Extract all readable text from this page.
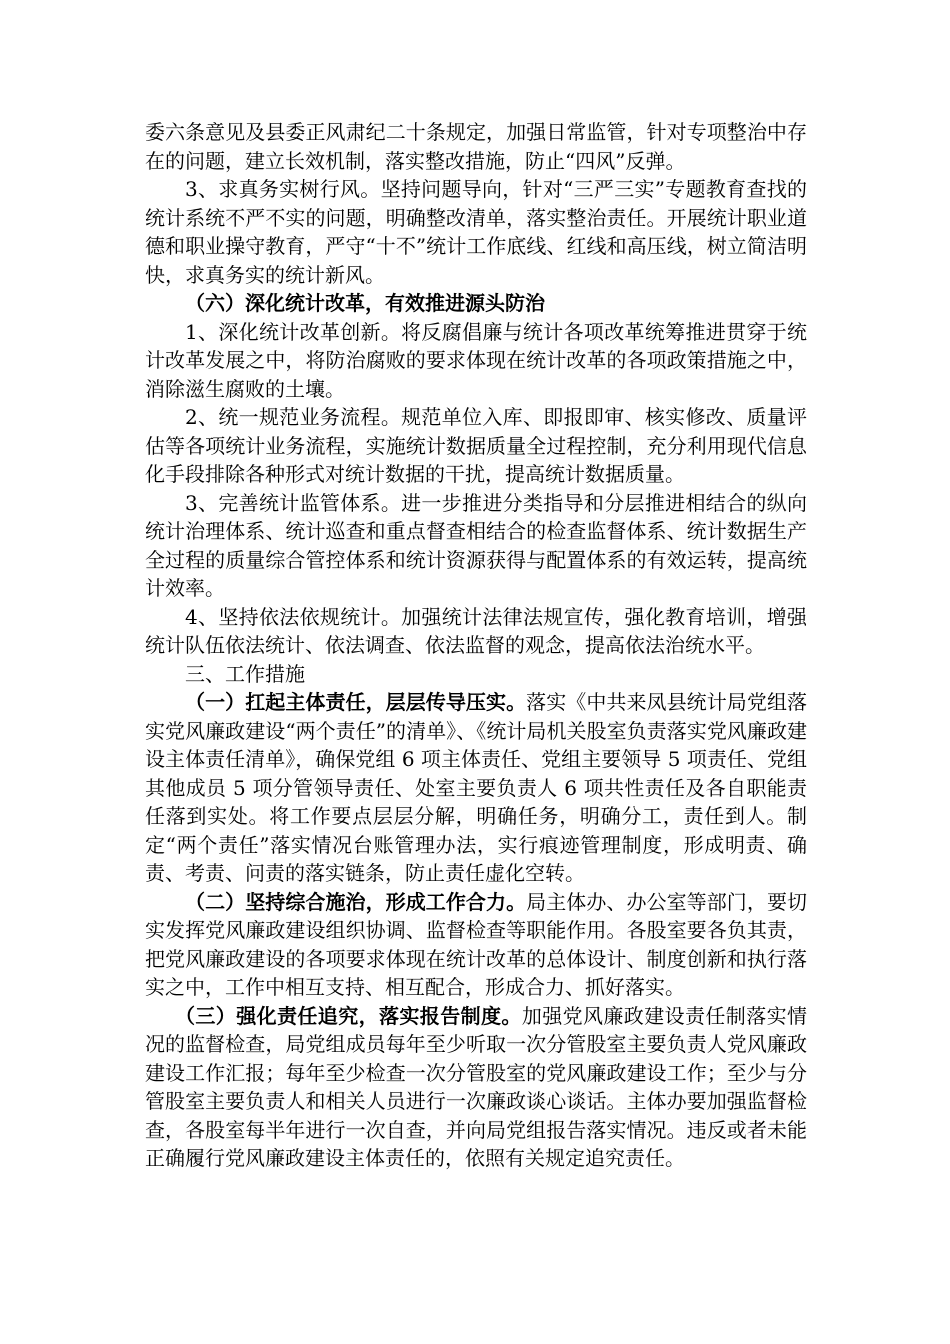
委六条意见及县委正风肃纪二十条规定，加强日常监管，针对专项整治中存在的问题，建立长效机制，落实整改措施，防止“四风”反弹。

3、求真务实树行风。坚持问题导向，针对“三严三实”专题教育查找的统计系统不严不实的问题，明确整改清单，落实整治责任。开展统计职业道德和职业操守教育，严守“十不”统计工作底线、红线和高压线，树立简洁明快，求真务实的统计新风。

（六）深化统计改革，有效推进源头防治

1、深化统计改革创新。将反腐倡廉与统计各项改革统筹推进贯穿于统计改革发展之中，将防治腐败的要求体现在统计改革的各项政策措施之中，消除滋生腐败的土壤。

2、统一规范业务流程。规范单位入库、即报即审、核实修改、质量评估等各项统计业务流程，实施统计数据质量全过程控制，充分利用现代信息化手段排除各种形式对统计数据的干扰，提高统计数据质量。

3、完善统计监管体系。进一步推进分类指导和分层推进相结合的纵向统计治理体系、统计巡查和重点督查相结合的检查监督体系、统计数据生产全过程的质量综合管控体系和统计资源获得与配置体系的有效运转，提高统计效率。

4、坚持依法依规统计。加强统计法律法规宣传，强化教育培训，增强统计队伍依法统计、依法调查、依法监督的观念，提高依法治统水平。

三、工作措施

（一）扛起主体责任，层层传导压实。落实《中共来凤县统计局党组落实党风廉政建设“两个责任”的清单》、《统计局机关股室负责落实党风廉政建设主体责任清单》，确保党组 6 项主体责任、党组主要领导 5 项责任、党组其他成员 5 项分管领导责任、处室主要负责人 6 项共性责任及各自职能责任落到实处。将工作要点层层分解，明确任务，明确分工，责任到人。制定“两个责任”落实情况台账管理办法，实行痕迹管理制度，形成明责、确责、考责、问责的落实链条，防止责任虚化空转。

（二）坚持综合施治，形成工作合力。局主体办、办公室等部门，要切实发挥党风廉政建设组织协调、监督检查等职能作用。各股室要各负其责，把党风廉政建设的各项要求体现在统计改革的总体设计、制度创新和执行落实之中，工作中相互支持、相互配合，形成合力、抓好落实。

（三）强化责任追究，落实报告制度。加强党风廉政建设责任制落实情况的监督检查，局党组成员每年至少听取一次分管股室主要负责人党风廉政建设工作汇报；每年至少检查一次分管股室的党风廉政建设工作；至少与分管股室主要负责人和相关人员进行一次廉政谈心谈话。主体办要加强监督检查，各股室每半年进行一次自查，并向局党组报告落实情况。违反或者未能正确履行党风廉政建设主体责任的，依照有关规定追究责任。
